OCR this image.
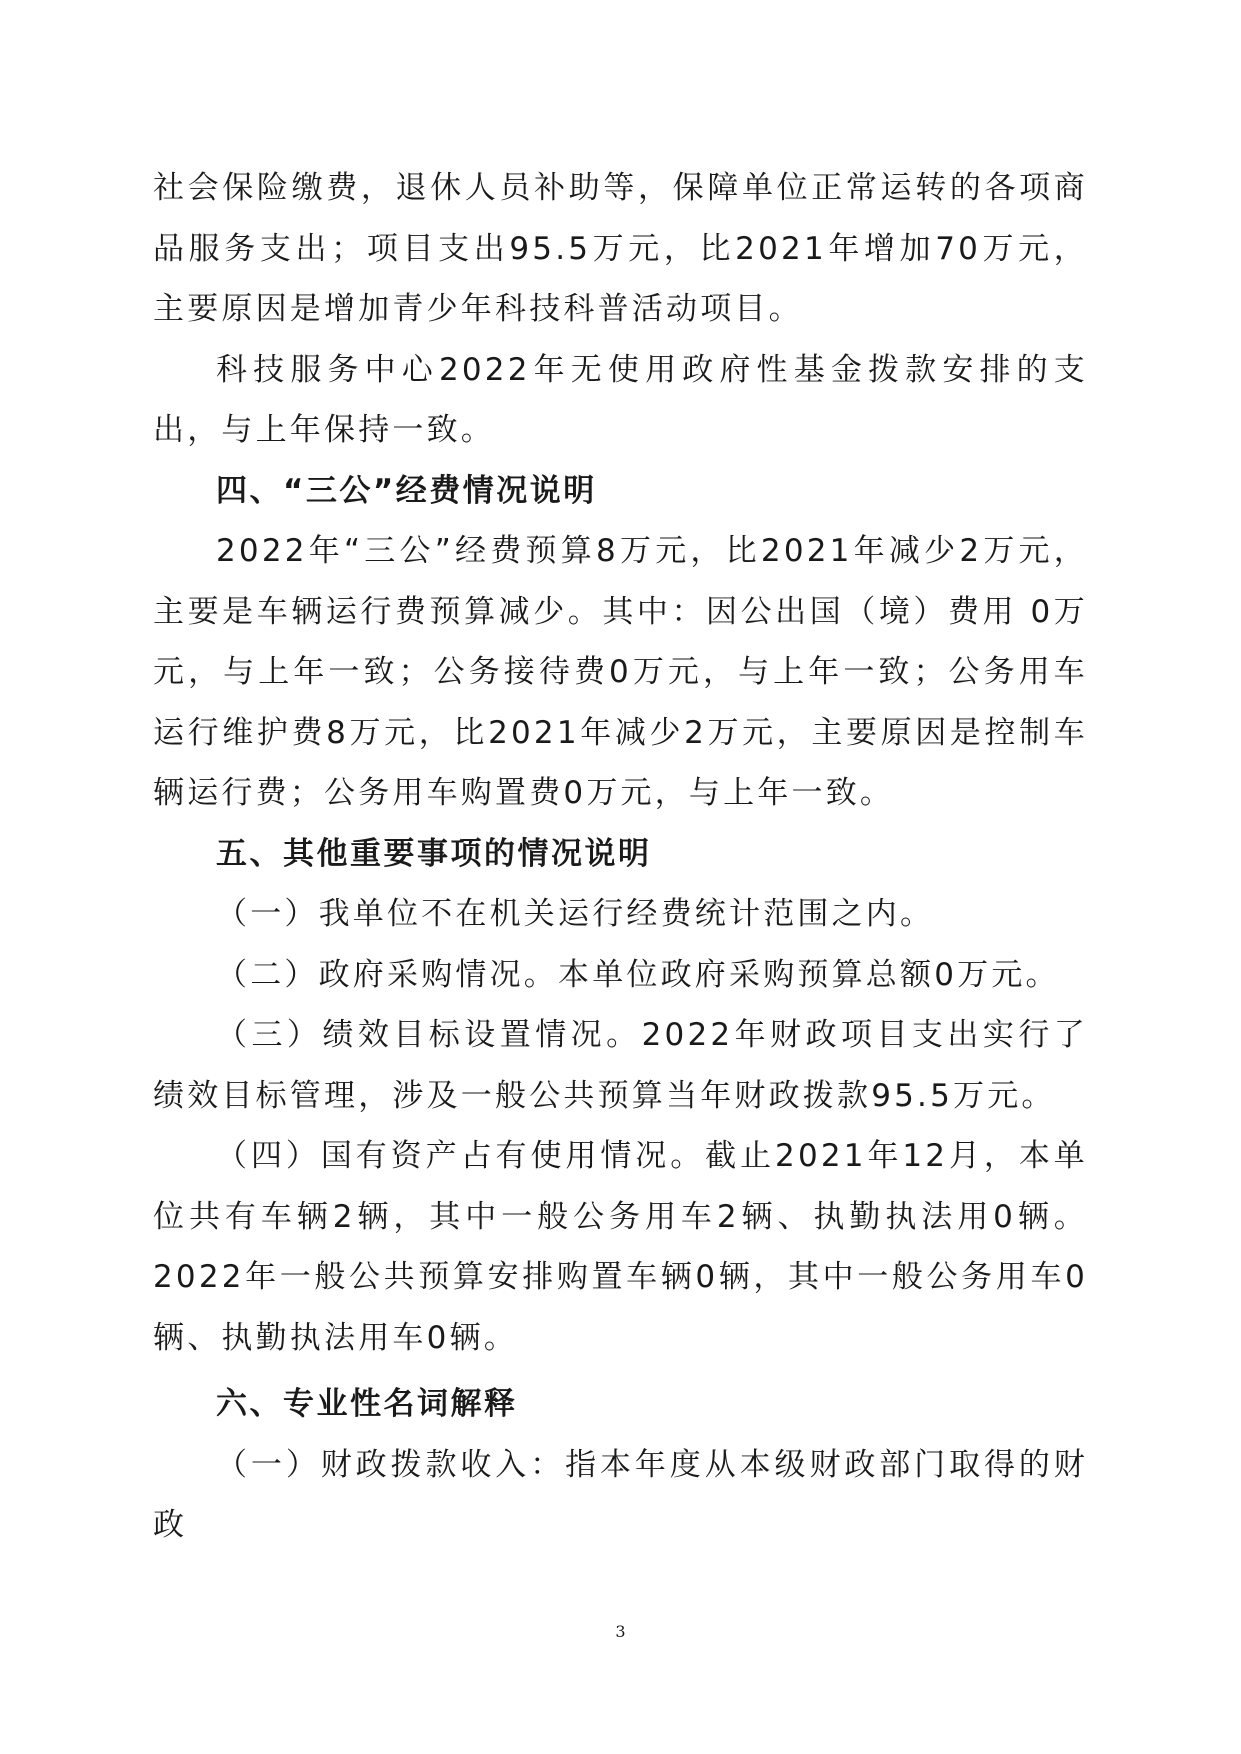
社会保险缴费，退休人员补助等，保障单位正常运转的各项商品服务支出；项目支出95.5万元，比2021年增加70万元，主要原因是增加青少年科技科普活动项目。

科技服务中心2022年无使用政府性基金拨款安排的支出，与上年保持一致。

四、“三公”经费情况说明

2022年“三公”经费预算8万元，比2021年减少2万元，主要是车辆运行费预算减少。其中：因公出国（境）费用 0万元，与上年一致；公务接待费0万元，与上年一致；公务用车运行维护费8万元，比2021年减少2万元，主要原因是控制车辆运行费；公务用车购置费0万元，与上年一致。

五、其他重要事项的情况说明

（一）我单位不在机关运行经费统计范围之内。

（二）政府采购情况。本单位政府采购预算总额0万元。

（三）绩效目标设置情况。2022年财政项目支出实行了绩效目标管理，涉及一般公共预算当年财政拨款95.5万元。

（四）国有资产占有使用情况。截止2021年12月，本单位共有车辆2辆，其中一般公务用车2辆、执勤执法用0辆。2022年一般公共预算安排购置车辆0辆，其中一般公务用车0辆、执勤执法用车0辆。

六、专业性名词解释

（一）财政拨款收入：指本年度从本级财政部门取得的财政

3
